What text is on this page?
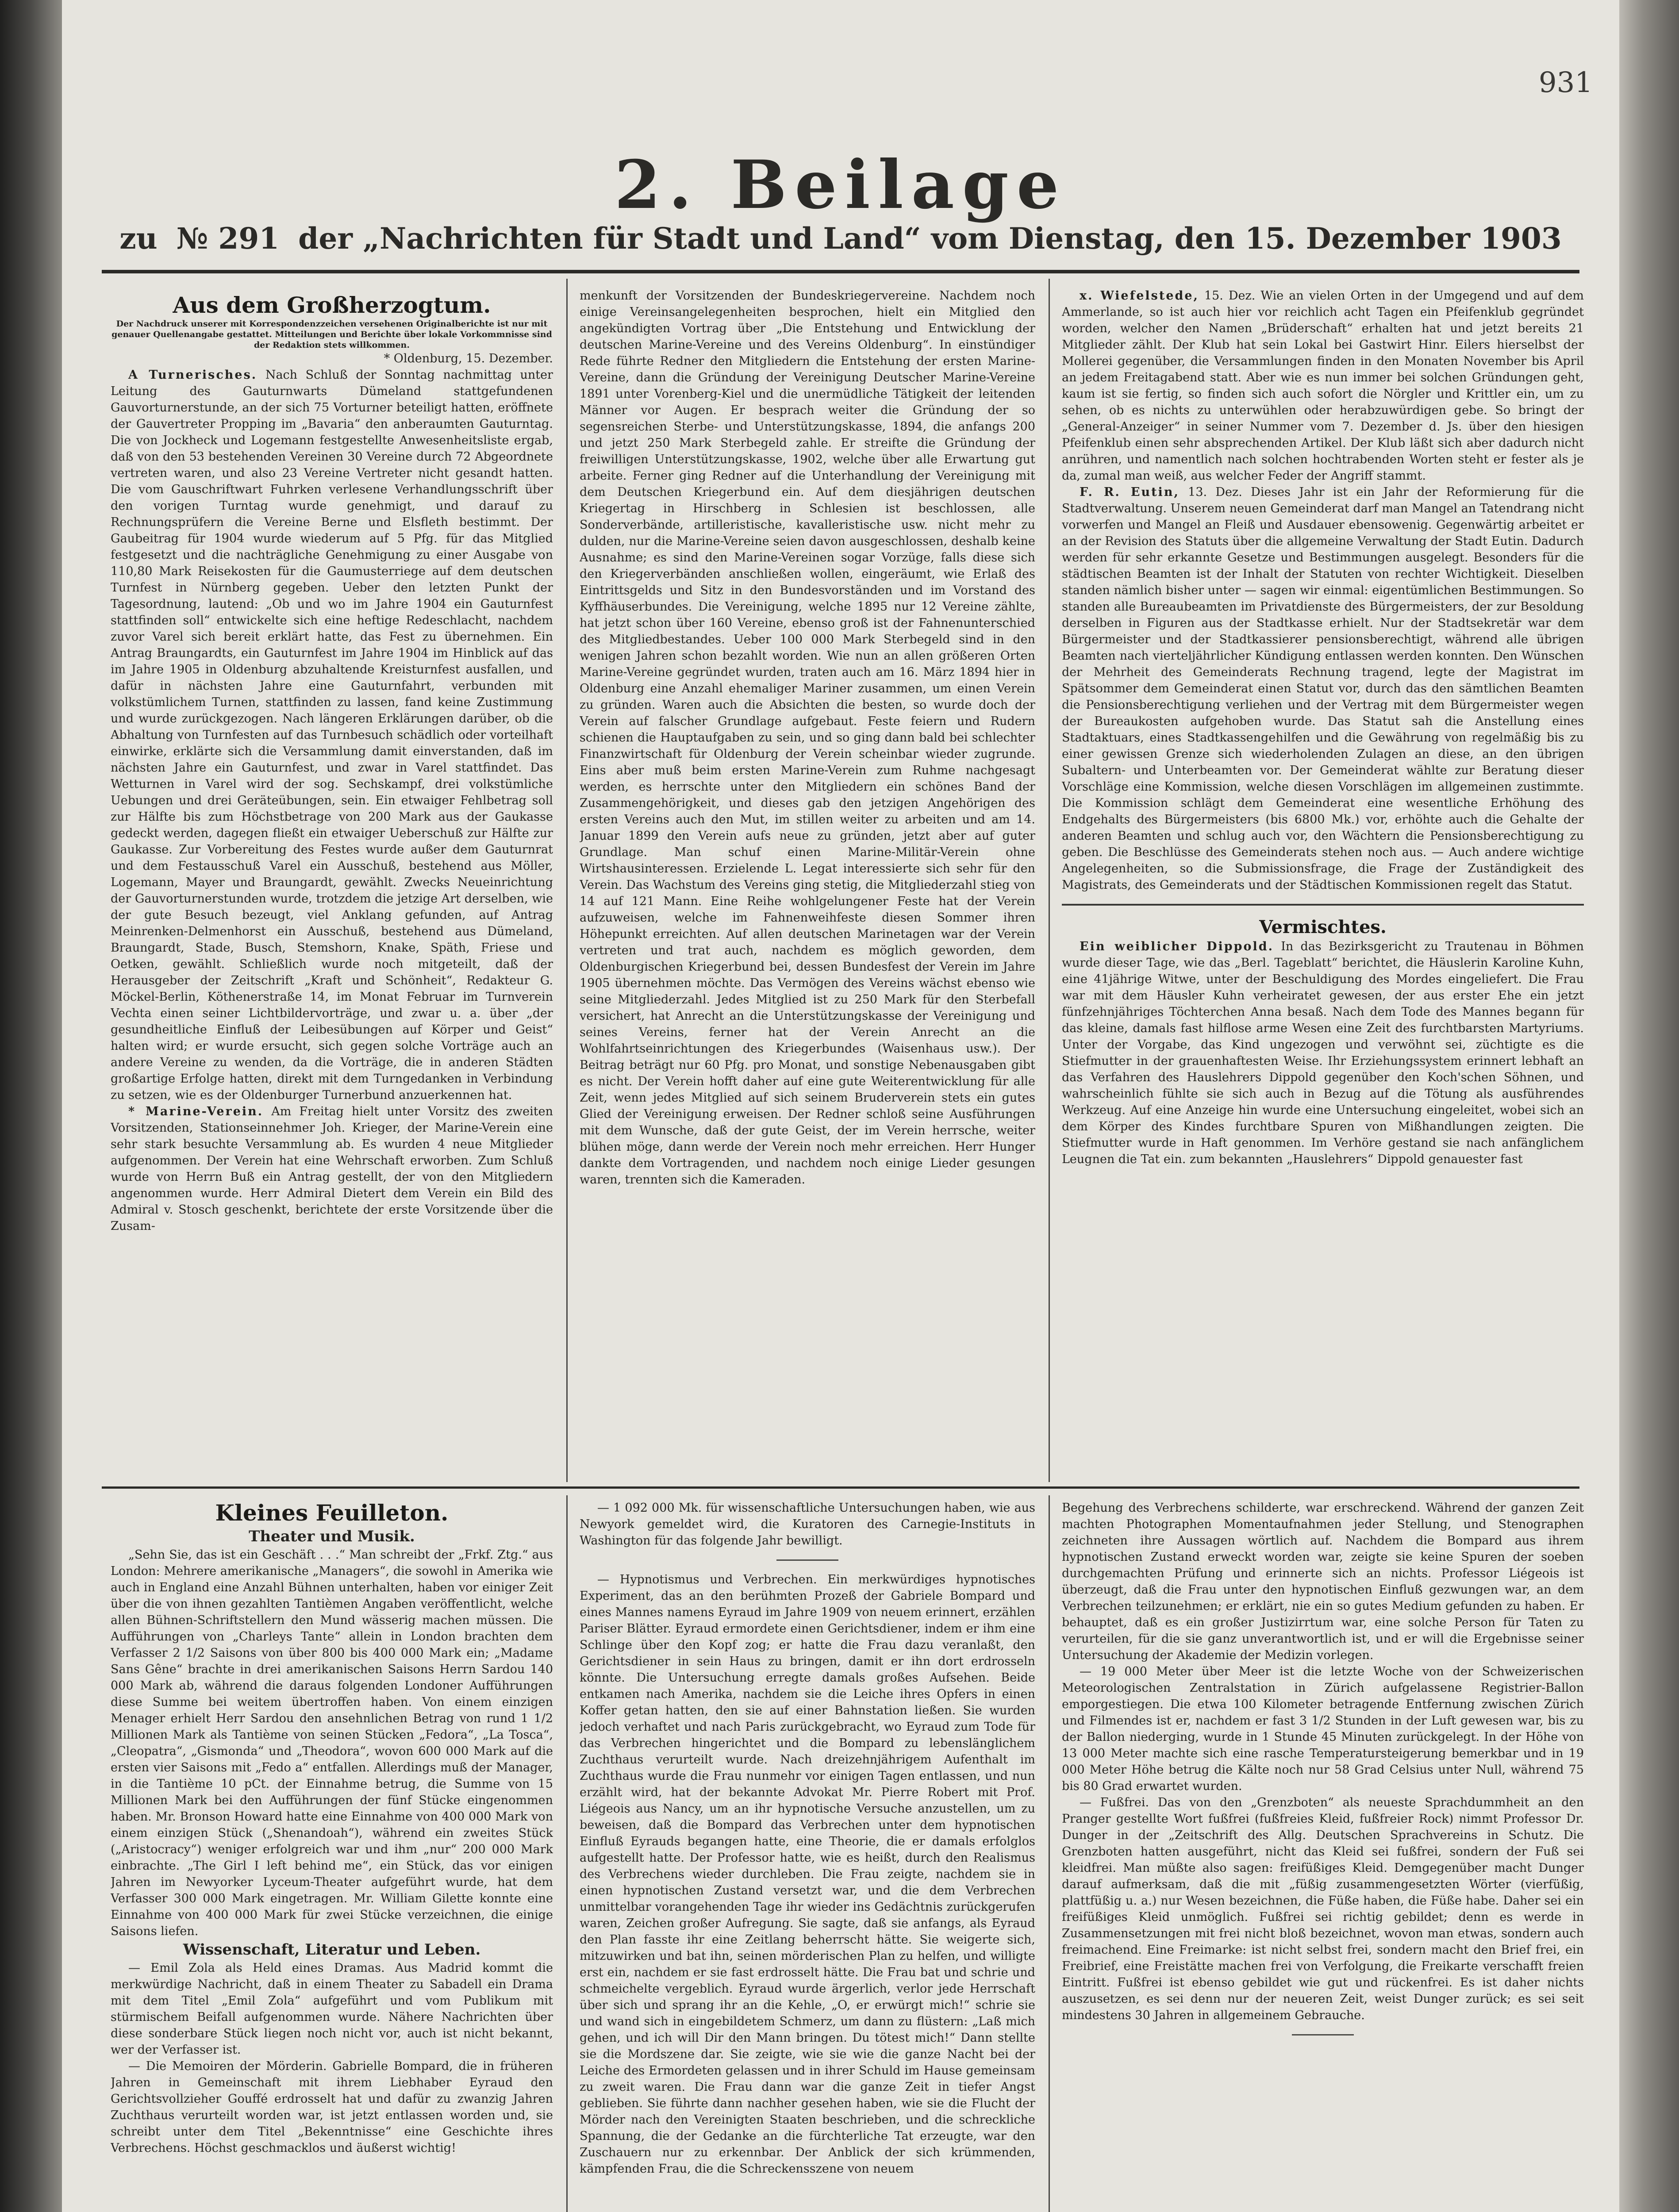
931
2. Beilage
zu № 291 der „Nachrichten für Stadt und Land“ vom Dienstag, den 15. Dezember 1903

Aus dem Großherzogtum.

Der Nachdruck unserer mit Korrespondenzzeichen versehenen Originalberichte ist nur mit genauer Quellenangabe gestattet. Mitteilungen und Berichte über lokale Vorkommnisse sind der Redaktion stets willkommen.

* Oldenburg, 15. Dezember.

A Turnerisches. Nach Schluß der Sonntag nachmittag unter Leitung des Gauturnwarts Dümeland stattgefundenen Gauvorturnerstunde, an der sich 75 Vorturner beteiligt hatten, eröffnete der Gauvertreter Propping im „Bavaria“ den anberaumten Gauturntag. Die von Jockheck und Logemann festgestellte Anwesenheitsliste ergab, daß von den 53 bestehenden Vereinen 30 Vereine durch 72 Abgeordnete vertreten waren, und also 23 Vereine Vertreter nicht gesandt hatten. Die vom Gauschriftwart Fuhrken verlesene Verhandlungsschrift über den vorigen Turntag wurde genehmigt, und darauf zu Rechnungsprüfern die Vereine Berne und Elsfleth bestimmt. Der Gaubeitrag für 1904 wurde wiederum auf 5 Pfg. für das Mitglied festgesetzt und die nachträgliche Genehmigung zu einer Ausgabe von 110,80 Mark Reisekosten für die Gaumusterriege auf dem deutschen Turnfest in Nürnberg gegeben. Ueber den letzten Punkt der Tagesordnung, lautend: „Ob und wo im Jahre 1904 ein Gauturnfest stattfinden soll“ entwickelte sich eine heftige Redeschlacht, nachdem zuvor Varel sich bereit erklärt hatte, das Fest zu übernehmen. Ein Antrag Braungardts, ein Gauturnfest im Jahre 1904 im Hinblick auf das im Jahre 1905 in Oldenburg abzuhaltende Kreisturnfest ausfallen, und dafür in nächsten Jahre eine Gauturnfahrt, verbunden mit volkstümlichem Turnen, stattfinden zu lassen, fand keine Zustimmung und wurde zurückgezogen. Nach längeren Erklärungen darüber, ob die Abhaltung von Turnfesten auf das Turnbesuch schädlich oder vorteilhaft einwirke, erklärte sich die Versammlung damit einverstanden, daß im nächsten Jahre ein Gauturnfest, und zwar in Varel stattfindet. Das Wetturnen in Varel wird der sog. Sechskampf, drei volkstümliche Uebungen und drei Geräteübungen, sein. Ein etwaiger Fehlbetrag soll zur Hälfte bis zum Höchstbetrage von 200 Mark aus der Gaukasse gedeckt werden, dagegen fließt ein etwaiger Ueberschuß zur Hälfte zur Gaukasse. Zur Vorbereitung des Festes wurde außer dem Gauturnrat und dem Festausschuß Varel ein Ausschuß, bestehend aus Möller, Logemann, Mayer und Braungardt, gewählt. Zwecks Neueinrichtung der Gauvorturnerstunden wurde, trotzdem die jetzige Art derselben, wie der gute Besuch bezeugt, viel Anklang gefunden, auf Antrag Meinrenken-Delmenhorst ein Ausschuß, bestehend aus Dümeland, Braungardt, Stade, Busch, Stemshorn, Knake, Späth, Friese und Oetken, gewählt. Schließlich wurde noch mitgeteilt, daß der Herausgeber der Zeitschrift „Kraft und Schönheit“, Redakteur G. Möckel-Berlin, Köthenerstraße 14, im Monat Februar im Turnverein Vechta einen seiner Lichtbildervorträge, und zwar u. a. über „der gesundheitliche Einfluß der Leibesübungen auf Körper und Geist“ halten wird; er wurde ersucht, sich gegen solche Vorträge auch an andere Vereine zu wenden, da die Vorträge, die in anderen Städten großartige Erfolge hatten, direkt mit dem Turngedanken in Verbindung zu setzen, wie es der Oldenburger Turnerbund anzuerkennen hat.

* Marine-Verein. Am Freitag hielt unter Vorsitz des zweiten Vorsitzenden, Stationseinnehmer Joh. Krieger, der Marine-Verein eine sehr stark besuchte Versammlung ab. Es wurden 4 neue Mitglieder aufgenommen. Der Verein hat eine Wehrschaft erworben. Zum Schluß wurde von Herrn Buß ein Antrag gestellt, der von den Mitgliedern angenommen wurde. Herr Admiral Dietert dem Verein ein Bild des Admiral v. Stosch geschenkt, berichtete der erste Vorsitzende über die Zusam-

menkunft der Vorsitzenden der Bundeskriegervereine. Nachdem noch einige Vereinsangelegenheiten besprochen, hielt ein Mitglied den angekündigten Vortrag über „Die Entstehung und Entwicklung der deutschen Marine-Vereine und des Vereins Oldenburg“. In einstündiger Rede führte Redner den Mitgliedern die Entstehung der ersten Marine-Vereine, dann die Gründung der Vereinigung Deutscher Marine-Vereine 1891 unter Vorenberg-Kiel und die unermüdliche Tätigkeit der leitenden Männer vor Augen. Er besprach weiter die Gründung der so segensreichen Sterbe- und Unterstützungskasse, 1894, die anfangs 200 und jetzt 250 Mark Sterbegeld zahle. Er streifte die Gründung der freiwilligen Unterstützungskasse, 1902, welche über alle Erwartung gut arbeite. Ferner ging Redner auf die Unterhandlung der Vereinigung mit dem Deutschen Kriegerbund ein. Auf dem diesjährigen deutschen Kriegertag in Hirschberg in Schlesien ist beschlossen, alle Sonderverbände, artilleristische, kavalleristische usw. nicht mehr zu dulden, nur die Marine-Vereine seien davon ausgeschlossen, deshalb keine Ausnahme; es sind den Marine-Vereinen sogar Vorzüge, falls diese sich den Kriegerverbänden anschließen wollen, eingeräumt, wie Erlaß des Eintrittsgelds und Sitz in den Bundesvorständen und im Vorstand des Kyffhäuserbundes. Die Vereinigung, welche 1895 nur 12 Vereine zählte, hat jetzt schon über 160 Vereine, ebenso groß ist der Fahnenunterschied des Mitgliedbestandes. Ueber 100 000 Mark Sterbegeld sind in den wenigen Jahren schon bezahlt worden. Wie nun an allen größeren Orten Marine-Vereine gegründet wurden, traten auch am 16. März 1894 hier in Oldenburg eine Anzahl ehemaliger Mariner zusammen, um einen Verein zu gründen. Waren auch die Absichten die besten, so wurde doch der Verein auf falscher Grundlage aufgebaut. Feste feiern und Rudern schienen die Hauptaufgaben zu sein, und so ging dann bald bei schlechter Finanzwirtschaft für Oldenburg der Verein scheinbar wieder zugrunde. Eins aber muß beim ersten Marine-Verein zum Ruhme nachgesagt werden, es herrschte unter den Mitgliedern ein schönes Band der Zusammengehörigkeit, und dieses gab den jetzigen Angehörigen des ersten Vereins auch den Mut, im stillen weiter zu arbeiten und am 14. Januar 1899 den Verein aufs neue zu gründen, jetzt aber auf guter Grundlage. Man schuf einen Marine-Militär-Verein ohne Wirtshausinteressen. Erzielende L. Legat interessierte sich sehr für den Verein. Das Wachstum des Vereins ging stetig, die Mitgliederzahl stieg von 14 auf 121 Mann. Eine Reihe wohlgelungener Feste hat der Verein aufzuweisen, welche im Fahnenweihfeste diesen Sommer ihren Höhepunkt erreichten. Auf allen deutschen Marinetagen war der Verein vertreten und trat auch, nachdem es möglich geworden, dem Oldenburgischen Kriegerbund bei, dessen Bundesfest der Verein im Jahre 1905 übernehmen möchte. Das Vermögen des Vereins wächst ebenso wie seine Mitgliederzahl. Jedes Mitglied ist zu 250 Mark für den Sterbefall versichert, hat Anrecht an die Unterstützungskasse der Vereinigung und seines Vereins, ferner hat der Verein Anrecht an die Wohlfahrtseinrichtungen des Kriegerbundes (Waisenhaus usw.). Der Beitrag beträgt nur 60 Pfg. pro Monat, und sonstige Nebenausgaben gibt es nicht. Der Verein hofft daher auf eine gute Weiterentwicklung für alle Zeit, wenn jedes Mitglied auf sich seinem Bruderverein stets ein gutes Glied der Vereinigung erweisen. Der Redner schloß seine Ausführungen mit dem Wunsche, daß der gute Geist, der im Verein herrsche, weiter blühen möge, dann werde der Verein noch mehr erreichen. Herr Hunger dankte dem Vortragenden, und nachdem noch einige Lieder gesungen waren, trennten sich die Kameraden.

x. Wiefelstede, 15. Dez. Wie an vielen Orten in der Umgegend und auf dem Ammerlande, so ist auch hier vor reichlich acht Tagen ein Pfeifenklub gegründet worden, welcher den Namen „Brüderschaft“ erhalten hat und jetzt bereits 21 Mitglieder zählt. Der Klub hat sein Lokal bei Gastwirt Hinr. Eilers hierselbst der Mollerei gegenüber, die Versammlungen finden in den Monaten November bis April an jedem Freitagabend statt. Aber wie es nun immer bei solchen Gründungen geht, kaum ist sie fertig, so finden sich auch sofort die Nörgler und Krittler ein, um zu sehen, ob es nichts zu unterwühlen oder herabzuwürdigen gebe. So bringt der „General-Anzeiger“ in seiner Nummer vom 7. Dezember d. Js. über den hiesigen Pfeifenklub einen sehr absprechenden Artikel. Der Klub läßt sich aber dadurch nicht anrühren, und namentlich nach solchen hochtrabenden Worten steht er fester als je da, zumal man weiß, aus welcher Feder der Angriff stammt.

F. R. Eutin, 13. Dez. Dieses Jahr ist ein Jahr der Reformierung für die Stadtverwaltung. Unserem neuen Gemeinderat darf man Mangel an Tatendrang nicht vorwerfen und Mangel an Fleiß und Ausdauer ebensowenig. Gegenwärtig arbeitet er an der Revision des Statuts über die allgemeine Verwaltung der Stadt Eutin. Dadurch werden für sehr erkannte Gesetze und Bestimmungen ausgelegt. Besonders für die städtischen Beamten ist der Inhalt der Statuten von rechter Wichtigkeit. Dieselben standen nämlich bisher unter — sagen wir einmal: eigentümlichen Bestimmungen. So standen alle Bureaubeamten im Privatdienste des Bürgermeisters, der zur Besoldung derselben in Figuren aus der Stadtkasse erhielt. Nur der Stadtsekretär war dem Bürgermeister und der Stadtkassierer pensionsberechtigt, während alle übrigen Beamten nach vierteljährlicher Kündigung entlassen werden konnten. Den Wünschen der Mehrheit des Gemeinderats Rechnung tragend, legte der Magistrat im Spätsommer dem Gemeinderat einen Statut vor, durch das den sämtlichen Beamten die Pensionsberechtigung verliehen und der Vertrag mit dem Bürgermeister wegen der Bureaukosten aufgehoben wurde. Das Statut sah die Anstellung eines Stadtaktuars, eines Stadtkassengehilfen und die Gewährung von regelmäßig bis zu einer gewissen Grenze sich wiederholenden Zulagen an diese, an den übrigen Subaltern- und Unterbeamten vor. Der Gemeinderat wählte zur Beratung dieser Vorschläge eine Kommission, welche diesen Vorschlägen im allgemeinen zustimmte. Die Kommission schlägt dem Gemeinderat eine wesentliche Erhöhung des Endgehalts des Bürgermeisters (bis 6800 Mk.) vor, erhöhte auch die Gehalte der anderen Beamten und schlug auch vor, den Wächtern die Pensionsberechtigung zu geben. Die Beschlüsse des Gemeinderats stehen noch aus. — Auch andere wichtige Angelegenheiten, so die Submissionsfrage, die Frage der Zuständigkeit des Magistrats, des Gemeinderats und der Städtischen Kommissionen regelt das Statut.

Vermischtes.

Ein weiblicher Dippold. In das Bezirksgericht zu Trautenau in Böhmen wurde dieser Tage, wie das „Berl. Tageblatt“ berichtet, die Häuslerin Karoline Kuhn, eine 41jährige Witwe, unter der Beschuldigung des Mordes eingeliefert. Die Frau war mit dem Häusler Kuhn verheiratet gewesen, der aus erster Ehe ein jetzt fünfzehnjähriges Töchterchen Anna besaß. Nach dem Tode des Mannes begann für das kleine, damals fast hilflose arme Wesen eine Zeit des furchtbarsten Martyriums. Unter der Vorgabe, das Kind ungezogen und verwöhnt sei, züchtigte es die Stiefmutter in der grauenhaftesten Weise. Ihr Erziehungssystem erinnert lebhaft an das Verfahren des Hauslehrers Dippold gegenüber den Koch'schen Söhnen, und wahrscheinlich fühlte sie sich auch in Bezug auf die Tötung als ausführendes Werkzeug. Auf eine Anzeige hin wurde eine Untersuchung eingeleitet, wobei sich an dem Körper des Kindes furchtbare Spuren von Mißhandlungen zeigten. Die Stiefmutter wurde in Haft genommen. Im Verhöre gestand sie nach anfänglichem Leugnen die Tat ein. zum bekannten „Hauslehrers“ Dippold genauester fast

Kleines Feuilleton.

Theater und Musik.

„Sehn Sie, das ist ein Geschäft . . .“ Man schreibt der „Frkf. Ztg.“ aus London: Mehrere amerikanische „Managers“, die sowohl in Amerika wie auch in England eine Anzahl Bühnen unterhalten, haben vor einiger Zeit über die von ihnen gezahlten Tantièmen Angaben veröffentlicht, welche allen Bühnen-Schriftstellern den Mund wässerig machen müssen. Die Aufführungen von „Charleys Tante“ allein in London brachten dem Verfasser 2 1/2 Saisons von über 800 bis 400 000 Mark ein; „Madame Sans Gêne“ brachte in drei amerikanischen Saisons Herrn Sardou 140 000 Mark ab, während die daraus folgenden Londoner Aufführungen diese Summe bei weitem übertroffen haben. Von einem einzigen Menager erhielt Herr Sardou den ansehnlichen Betrag von rund 1 1/2 Millionen Mark als Tantième von seinen Stücken „Fedora“, „La Tosca“, „Cleopatra“, „Gismonda“ und „Theodora“, wovon 600 000 Mark auf die ersten vier Saisons mit „Fedo a“ entfallen. Allerdings muß der Manager, in die Tantième 10 pCt. der Einnahme betrug, die Summe von 15 Millionen Mark bei den Aufführungen der fünf Stücke eingenommen haben. Mr. Bronson Howard hatte eine Einnahme von 400 000 Mark von einem einzigen Stück („Shenandoah“), während ein zweites Stück („Aristocracy“) weniger erfolgreich war und ihm „nur“ 200 000 Mark einbrachte. „The Girl I left behind me“, ein Stück, das vor einigen Jahren im Newyorker Lyceum-Theater aufgeführt wurde, hat dem Verfasser 300 000 Mark eingetragen. Mr. William Gilette konnte eine Einnahme von 400 000 Mark für zwei Stücke verzeichnen, die einige Saisons liefen.

Wissenschaft, Literatur und Leben.

— Emil Zola als Held eines Dramas. Aus Madrid kommt die merkwürdige Nachricht, daß in einem Theater zu Sabadell ein Drama mit dem Titel „Emil Zola“ aufgeführt und vom Publikum mit stürmischem Beifall aufgenommen wurde. Nähere Nachrichten über diese sonderbare Stück liegen noch nicht vor, auch ist nicht bekannt, wer der Verfasser ist.

— Die Memoiren der Mörderin. Gabrielle Bompard, die in früheren Jahren in Gemeinschaft mit ihrem Liebhaber Eyraud den Gerichtsvollzieher Gouffé erdrosselt hat und dafür zu zwanzig Jahren Zuchthaus verurteilt worden war, ist jetzt entlassen worden und, sie schreibt unter dem Titel „Bekenntnisse“ eine Geschichte ihres Verbrechens. Höchst geschmacklos und äußerst wichtig!

— 1 092 000 Mk. für wissenschaftliche Untersuchungen haben, wie aus Newyork gemeldet wird, die Kuratoren des Carnegie-Instituts in Washington für das folgende Jahr bewilligt.

— Hypnotismus und Verbrechen. Ein merkwürdiges hypnotisches Experiment, das an den berühmten Prozeß der Gabriele Bompard und eines Mannes namens Eyraud im Jahre 1909 von neuem erinnert, erzählen Pariser Blätter. Eyraud ermordete einen Gerichtsdiener, indem er ihm eine Schlinge über den Kopf zog; er hatte die Frau dazu veranlaßt, den Gerichtsdiener in sein Haus zu bringen, damit er ihn dort erdrosseln könnte. Die Untersuchung erregte damals großes Aufsehen. Beide entkamen nach Amerika, nachdem sie die Leiche ihres Opfers in einen Koffer getan hatten, den sie auf einer Bahnstation ließen. Sie wurden jedoch verhaftet und nach Paris zurückgebracht, wo Eyraud zum Tode für das Verbrechen hingerichtet und die Bompard zu lebenslänglichem Zuchthaus verurteilt wurde. Nach dreizehnjährigem Aufenthalt im Zuchthaus wurde die Frau nunmehr vor einigen Tagen entlassen, und nun erzählt wird, hat der bekannte Advokat Mr. Pierre Robert mit Prof. Liégeois aus Nancy, um an ihr hypnotische Versuche anzustellen, um zu beweisen, daß die Bompard das Verbrechen unter dem hypnotischen Einfluß Eyrauds begangen hatte, eine Theorie, die er damals erfolglos aufgestellt hatte. Der Professor hatte, wie es heißt, durch den Realismus des Verbrechens wieder durchleben. Die Frau zeigte, nachdem sie in einen hypnotischen Zustand versetzt war, und die dem Verbrechen unmittelbar vorangehenden Tage ihr wieder ins Gedächtnis zurückgerufen waren, Zeichen großer Aufregung. Sie sagte, daß sie anfangs, als Eyraud den Plan fasste ihr eine Zeitlang beherrscht hätte. Sie weigerte sich, mitzuwirken und bat ihn, seinen mörderischen Plan zu helfen, und willigte erst ein, nachdem er sie fast erdrosselt hätte. Die Frau bat und schrie und schmeichelte vergeblich. Eyraud wurde ärgerlich, verlor jede Herrschaft über sich und sprang ihr an die Kehle, „O, er erwürgt mich!“ schrie sie und wand sich in eingebildetem Schmerz, um dann zu flüstern: „Laß mich gehen, und ich will Dir den Mann bringen. Du tötest mich!“ Dann stellte sie die Mordszene dar. Sie zeigte, wie sie wie die ganze Nacht bei der Leiche des Ermordeten gelassen und in ihrer Schuld im Hause gemeinsam zu zweit waren. Die Frau dann war die ganze Zeit in tiefer Angst geblieben. Sie führte dann nachher gesehen haben, wie sie die Flucht der Mörder nach den Vereinigten Staaten beschrieben, und die schreckliche Spannung, die der Gedanke an die fürchterliche Tat erzeugte, war den Zuschauern nur zu erkennbar. Der Anblick der sich krümmenden, kämpfenden Frau, die die Schreckensszene von neuem

Begehung des Verbrechens schilderte, war erschreckend. Während der ganzen Zeit machten Photographen Momentaufnahmen jeder Stellung, und Stenographen zeichneten ihre Aussagen wörtlich auf. Nachdem die Bompard aus ihrem hypnotischen Zustand erweckt worden war, zeigte sie keine Spuren der soeben durchgemachten Prüfung und erinnerte sich an nichts. Professor Liégeois ist überzeugt, daß die Frau unter den hypnotischen Einfluß gezwungen war, an dem Verbrechen teilzunehmen; er erklärt, nie ein so gutes Medium gefunden zu haben. Er behauptet, daß es ein großer Justizirrtum war, eine solche Person für Taten zu verurteilen, für die sie ganz unverantwortlich ist, und er will die Ergebnisse seiner Untersuchung der Akademie der Medizin vorlegen.

— 19 000 Meter über Meer ist die letzte Woche von der Schweizerischen Meteorologischen Zentralstation in Zürich aufgelassene Registrier-Ballon emporgestiegen. Die etwa 100 Kilometer betragende Entfernung zwischen Zürich und Filmendes ist er, nachdem er fast 3 1/2 Stunden in der Luft gewesen war, bis zu der Ballon niederging, wurde in 1 Stunde 45 Minuten zurückgelegt. In der Höhe von 13 000 Meter machte sich eine rasche Temperatursteigerung bemerkbar und in 19 000 Meter Höhe betrug die Kälte noch nur 58 Grad Celsius unter Null, während 75 bis 80 Grad erwartet wurden.

— Fußfrei. Das von den „Grenzboten“ als neueste Sprachdummheit an den Pranger gestellte Wort fußfrei (fußfreies Kleid, fußfreier Rock) nimmt Professor Dr. Dunger in der „Zeitschrift des Allg. Deutschen Sprachvereins in Schutz. Die Grenzboten hatten ausgeführt, nicht das Kleid sei fußfrei, sondern der Fuß sei kleidfrei. Man müßte also sagen: freifüßiges Kleid. Demgegenüber macht Dunger darauf aufmerksam, daß die mit „füßig zusammengesetzten Wörter (vierfüßig, plattfüßig u. a.) nur Wesen bezeichnen, die Füße haben, die Füße habe. Daher sei ein freifüßiges Kleid unmöglich. Fußfrei sei richtig gebildet; denn es werde in Zusammensetzungen mit frei nicht bloß bezeichnet, wovon man etwas, sondern auch freimachend. Eine Freimarke: ist nicht selbst frei, sondern macht den Brief frei, ein Freibrief, eine Freistätte machen frei von Verfolgung, die Freikarte verschafft freien Eintritt. Fußfrei ist ebenso gebildet wie gut und rückenfrei. Es ist daher nichts auszusetzen, es sei denn nur der neueren Zeit, weist Dunger zurück; es sei seit mindestens 30 Jahren in allgemeinem Gebrauche.
